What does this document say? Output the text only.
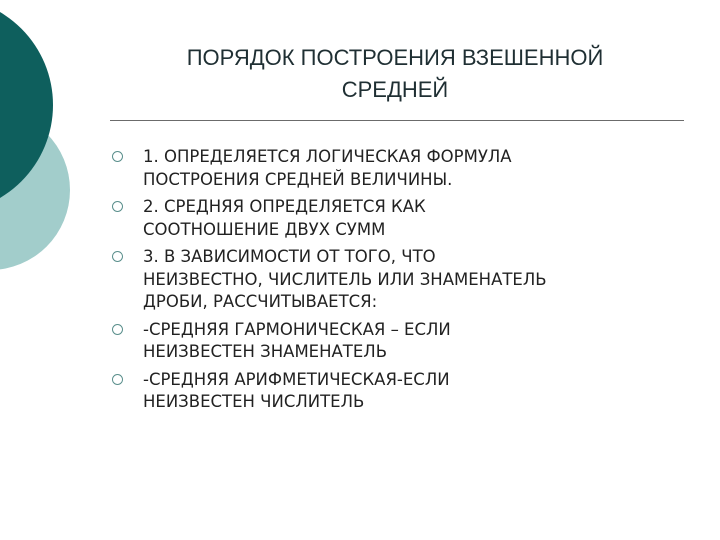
ПОРЯДОК ПОСТРОЕНИЯ ВЗЕШЕННОЙ
СРЕДНЕЙ
1. ОПРЕДЕЛЯЕТСЯ ЛОГИЧЕСКАЯ ФОРМУЛА
ПОСТРОЕНИЯ СРЕДНЕЙ ВЕЛИЧИНЫ.
2. СРЕДНЯЯ ОПРЕДЕЛЯЕТСЯ КАК
СООТНОШЕНИЕ ДВУХ СУММ
3. В ЗАВИСИМОСТИ ОТ ТОГО, ЧТО
НЕИЗВЕСТНО, ЧИСЛИТЕЛЬ ИЛИ ЗНАМЕНАТЕЛЬ
ДРОБИ, РАССЧИТЫВАЕТСЯ:
-СРЕДНЯЯ ГАРМОНИЧЕСКАЯ – ЕСЛИ
НЕИЗВЕСТЕН ЗНАМЕНАТЕЛЬ
-СРЕДНЯЯ АРИФМЕТИЧЕСКАЯ-ЕСЛИ
НЕИЗВЕСТЕН ЧИСЛИТЕЛЬ
